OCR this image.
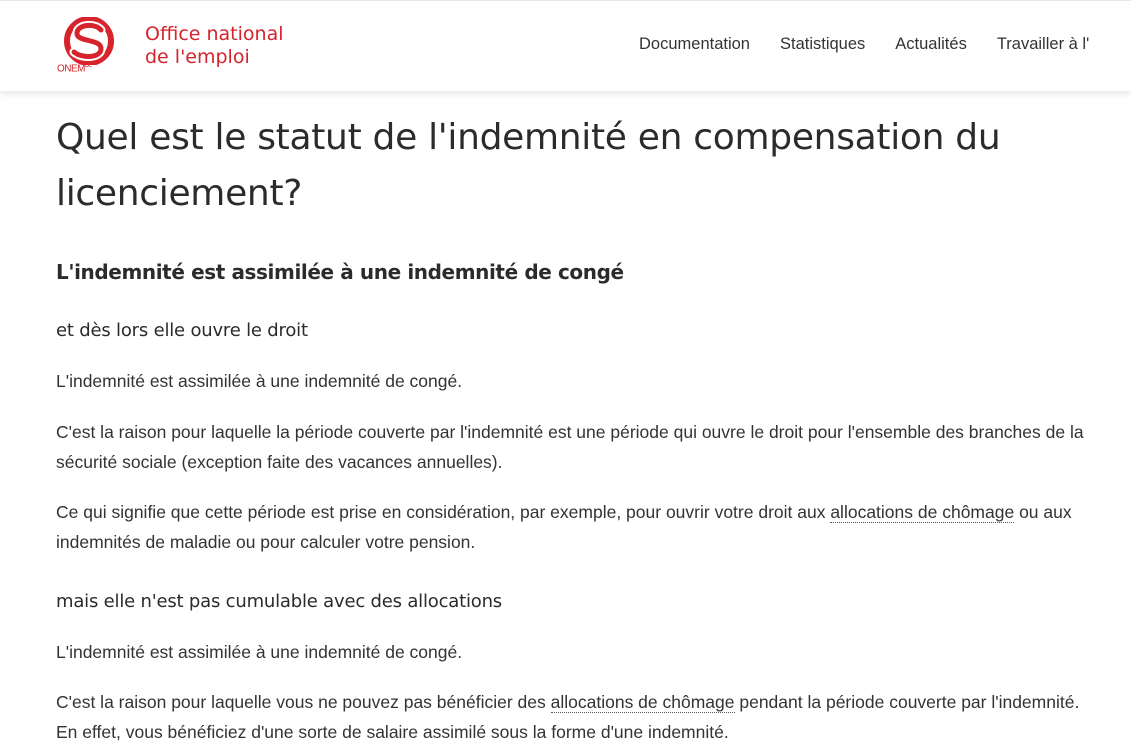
$ONEM^{be}$
Office national
de l'emploi
Documentation Statistiques Actualités Travailler à l'
Quel est le statut de l'indemnité en compensation du licenciement?
L'indemnité est assimilée à une indemnité de congé
et dès lors elle ouvre le droit

L'indemnité est assimilée à une indemnité de congé.

C'est la raison pour laquelle la période couverte par l'indemnité est une période qui ouvre le droit pour l'ensemble des branches de la sécurité sociale (exception faite des vacances annuelles).

Ce qui signifie que cette période est prise en considération, par exemple, pour ouvrir votre droit aux allocations de chômage ou aux indemnités de maladie ou pour calculer votre pension.

mais elle n'est pas cumulable avec des allocations

L'indemnité est assimilée à une indemnité de congé.

C'est la raison pour laquelle vous ne pouvez pas bénéficier des allocations de chômage pendant la période couverte par l'indemnité. En effet, vous bénéficiez d'une sorte de salaire assimilé sous la forme d'une indemnité.
